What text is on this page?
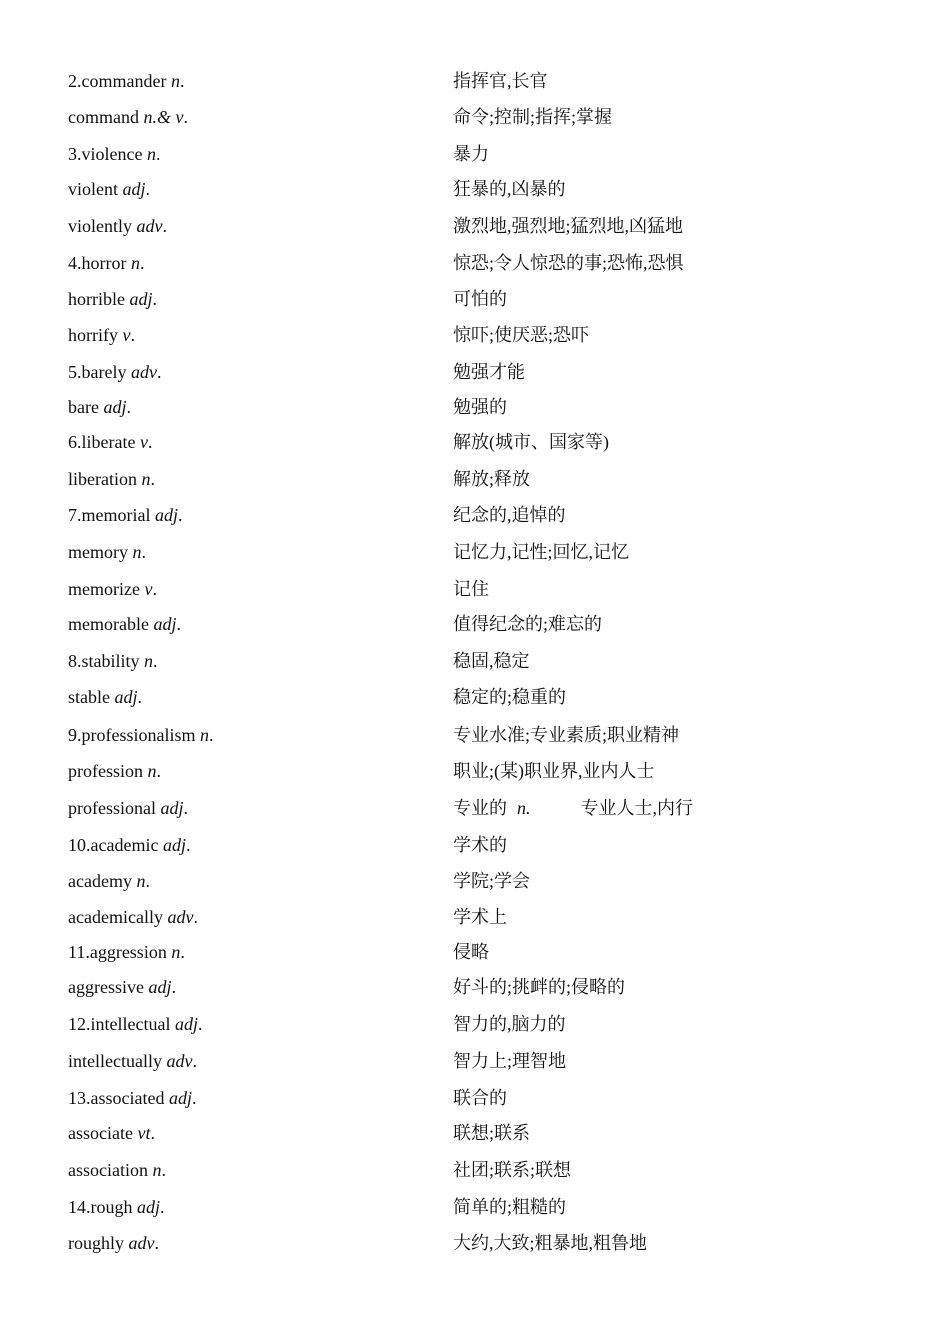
2.commander n.	指挥官,长官
command n.& v.	命令;控制;指挥;掌握
3.violence n.	暴力
violent adj.	狂暴的,凶暴的
violently adv.	激烈地,强烈地;猛烈地,凶猛地
4.horror n.	惊恐;令人惊恐的事;恐怖,恐惧
horrible adj.	可怕的
horrify v.	惊吓;使厌恶;恐吓
5.barely adv.	勉强才能
bare adj.	勉强的
6.liberate v.	解放(城市、国家等)
liberation n.	解放;释放
7.memorial adj.	纪念的,追悼的
memory n.	记忆力,记性;回忆,记忆
memorize v.	记住
memorable adj.	值得纪念的;难忘的
8.stability n.	稳固,稳定
stable adj.	稳定的;稳重的
9.professionalism n.	专业水准;专业素质;职业精神
profession n.	职业;(某)职业界,业内人士
professional adj.	专业的 n.	专业人士,内行
10.academic adj.	学术的
academy n.	学院;学会
academically adv.	学术上
11.aggression n.	侵略
aggressive adj.	好斗的;挑衅的;侵略的
12.intellectual adj.	智力的,脑力的
intellectually adv.	智力上;理智地
13.associated adj.	联合的
associate vt.	联想;联系
association n.	社团;联系;联想
14.rough adj.	简单的;粗糙的
roughly adv.	大约,大致;粗暴地,粗鲁地
